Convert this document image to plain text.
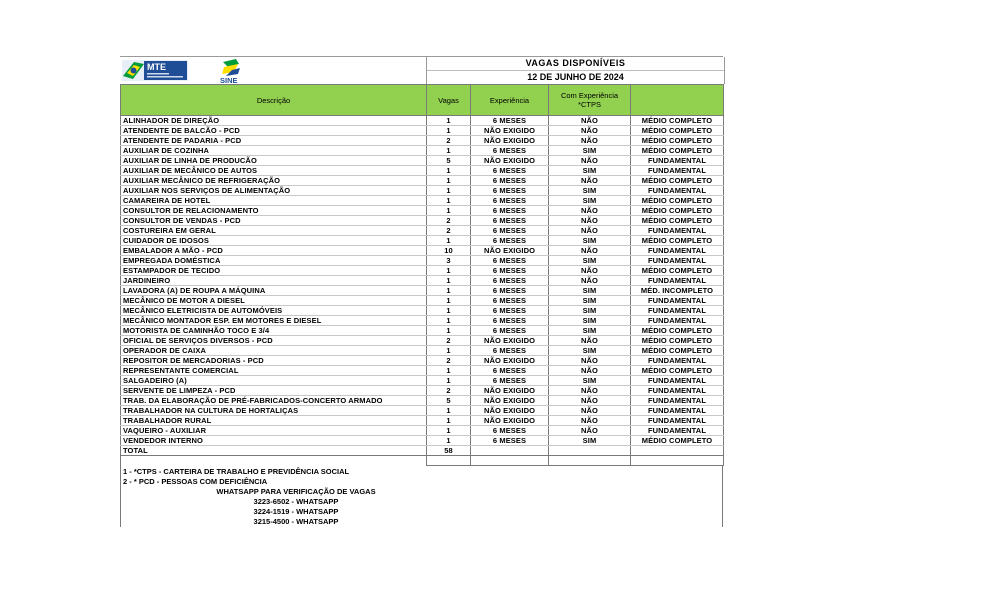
MTE
SINE
VAGAS DISPONÍVEIS
12 DE JUNHO DE 2024
Descrição	Vagas	Experiência	Com Experiência
*CTPS	
ALINHADOR DE DIREÇÃO	1	6 MESES	NÃO	MÉDIO COMPLETO
ATENDENTE DE BALCÃO - PCD	1	NÃO EXIGIDO	NÃO	MÉDIO COMPLETO
ATENDENTE DE PADARIA - PCD	2	NÃO EXIGIDO	NÃO	MÉDIO COMPLETO
AUXILIAR DE COZINHA	1	6 MESES	SIM	MÉDIO COMPLETO
AUXILIAR DE LINHA DE PRODUCÃO	5	NÃO EXIGIDO	NÃO	FUNDAMENTAL
AUXILIAR DE MECÂNICO DE AUTOS	1	6 MESES	SIM	FUNDAMENTAL
AUXILIAR MECÂNICO DE REFRIGERAÇÃO	1	6 MESES	NÃO	MÉDIO COMPLETO
AUXILIAR NOS SERVIÇOS DE ALIMENTAÇÃO	1	6 MESES	SIM	FUNDAMENTAL
CAMAREIRA DE HOTEL	1	6 MESES	SIM	MÉDIO COMPLETO
CONSULTOR DE RELACIONAMENTO	1	6 MESES	NÃO	MÉDIO COMPLETO
CONSULTOR DE VENDAS - PCD	2	6 MESES	NÃO	MÉDIO COMPLETO
COSTUREIRA EM GERAL	2	6 MESES	NÃO	FUNDAMENTAL
CUIDADOR DE IDOSOS	1	6 MESES	SIM	MÉDIO COMPLETO
EMBALADOR A MÃO - PCD	10	NÃO EXIGIDO	NÃO	FUNDAMENTAL
EMPREGADA DOMÉSTICA	3	6 MESES	SIM	FUNDAMENTAL
ESTAMPADOR DE TECIDO	1	6 MESES	NÃO	MÉDIO COMPLETO
JARDINEIRO	1	6 MESES	NÃO	FUNDAMENTAL
LAVADORA (A) DE ROUPA A MÁQUINA	1	6 MESES	SIM	MÉD. INCOMPLETO
MECÂNICO DE MOTOR A DIESEL	1	6 MESES	SIM	FUNDAMENTAL
MECÂNICO ELETRICISTA DE AUTOMÓVEIS	1	6 MESES	SIM	FUNDAMENTAL
MECÂNICO MONTADOR ESP. EM MOTORES E DIESEL	1	6 MESES	SIM	FUNDAMENTAL
MOTORISTA DE CAMINHÃO TOCO E 3/4	1	6 MESES	SIM	MÉDIO COMPLETO
OFICIAL DE SERVIÇOS DIVERSOS - PCD	2	NÃO EXIGIDO	NÃO	MÉDIO COMPLETO
OPERADOR DE CAIXA	1	6 MESES	SIM	MÉDIO COMPLETO
REPOSITOR DE MERCADORIAS - PCD	2	NÃO EXIGIDO	NÃO	FUNDAMENTAL
REPRESENTANTE COMERCIAL	1	6 MESES	NÃO	MÉDIO COMPLETO
SALGADEIRO (A)	1	6 MESES	SIM	FUNDAMENTAL
SERVENTE DE LIMPEZA - PCD	2	NÃO EXIGIDO	NÃO	FUNDAMENTAL
TRAB. DA ELABORAÇÃO DE PRÉ-FABRICADOS-CONCERTO ARMADO	5	NÃO EXIGIDO	NÃO	FUNDAMENTAL
TRABALHADOR NA CULTURA DE HORTALIÇAS	1	NÃO EXIGIDO	NÃO	FUNDAMENTAL
TRABALHADOR RURAL	1	NÃO EXIGIDO	NÃO	FUNDAMENTAL
VAQUEIRO - AUXILIAR	1	6 MESES	NÃO	FUNDAMENTAL
VENDEDOR INTERNO	1	6 MESES	SIM	MÉDIO COMPLETO
TOTAL	58			

1 - *CTPS - CARTEIRA DE TRABALHO E PREVIDÊNCIA SOCIAL
2 - * PCD - PESSOAS COM DEFICIÊNCIA
WHATSAPP PARA VERIFICAÇÃO DE VAGAS
3223-6502 - WHATSAPP
3224-1519 - WHATSAPP
3215-4500 - WHATSAPP
